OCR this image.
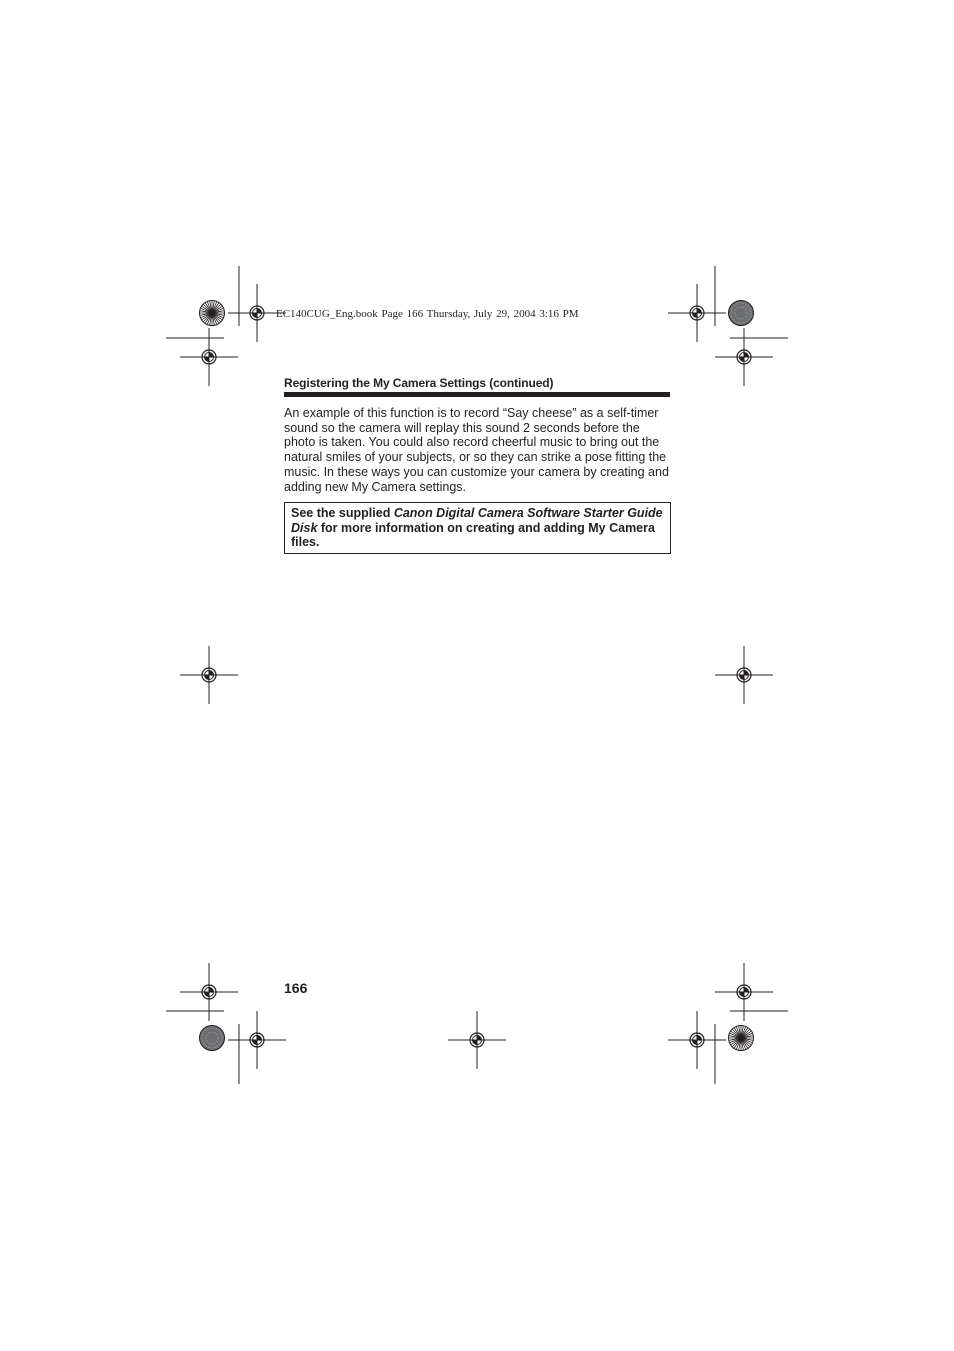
EC140CUG_Eng.book Page 166 Thursday, July 29, 2004 3:16 PM
Registering the My Camera Settings (continued)
An example of this function is to record “Say cheese” as a self-timer sound so the camera will replay this sound 2 seconds before the photo is taken. You could also record cheerful music to bring out the natural smiles of your subjects, or so they can strike a pose fitting the music. In these ways you can customize your camera by creating and adding new My Camera settings.
See the supplied Canon Digital Camera Software Starter Guide Disk for more information on creating and adding My Camera files.
166
